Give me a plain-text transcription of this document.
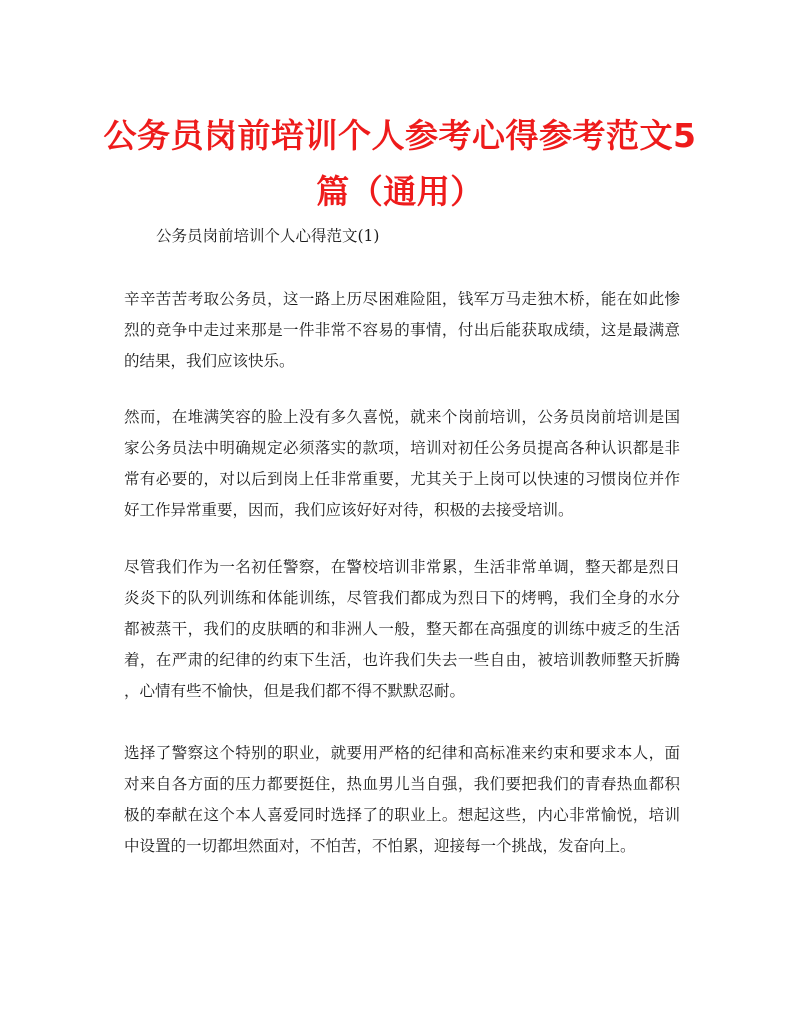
公务员岗前培训个人参考心得参考范文5
篇（通用）
公务员岗前培训个人心得范文(1)
辛辛苦苦考取公务员，这一路上历尽困难险阻，钱军万马走独木桥，能在如此惨
烈的竞争中走过来那是一件非常不容易的事情，付出后能获取成绩，这是最满意
的结果，我们应该快乐。
然而，在堆满笑容的脸上没有多久喜悦，就来个岗前培训，公务员岗前培训是国
家公务员法中明确规定必须落实的款项，培训对初任公务员提高各种认识都是非
常有必要的，对以后到岗上任非常重要，尤其关于上岗可以快速的习惯岗位并作
好工作异常重要，因而，我们应该好好对待，积极的去接受培训。
尽管我们作为一名初任警察，在警校培训非常累，生活非常单调，整天都是烈日
炎炎下的队列训练和体能训练，尽管我们都成为烈日下的烤鸭，我们全身的水分
都被蒸干，我们的皮肤晒的和非洲人一般，整天都在高强度的训练中疲乏的生活
着，在严肃的纪律的约束下生活，也许我们失去一些自由，被培训教师整天折腾
，心情有些不愉快，但是我们都不得不默默忍耐。
选择了警察这个特别的职业，就要用严格的纪律和高标准来约束和要求本人，面
对来自各方面的压力都要挺住，热血男儿当自强，我们要把我们的青春热血都积
极的奉献在这个本人喜爱同时选择了的职业上。想起这些，内心非常愉悦，培训
中设置的一切都坦然面对，不怕苦，不怕累，迎接每一个挑战，发奋向上。
